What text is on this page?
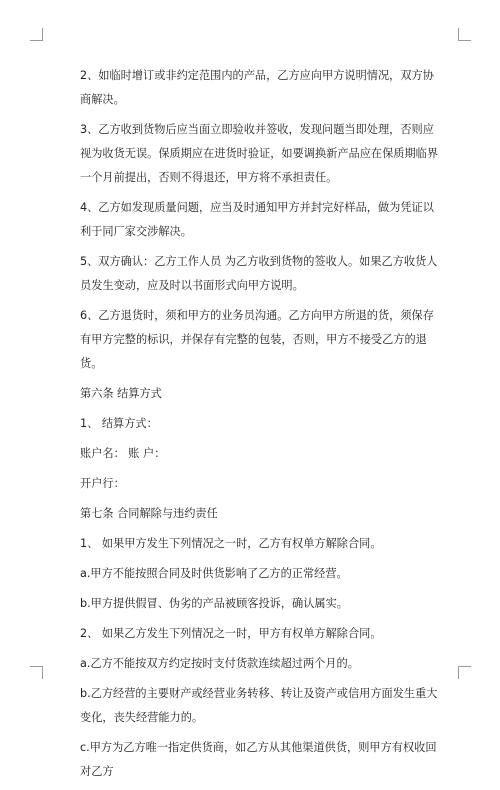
2、如临时增订或非约定范围内的产品，乙方应向甲方说明情况，双方协商解决。

3、乙方收到货物后应当面立即验收并签收，发现问题当即处理，否则应视为收货无误。保质期应在进货时验证，如要调换新产品应在保质期临界一个月前提出，否则不得退还，甲方将不承担责任。

4、乙方如发现质量问题，应当及时通知甲方并封完好样品，做为凭证以利于同厂家交涉解决。

5、双方确认：乙方工作人员 为乙方收到货物的签收人。如果乙方收货人员发生变动，应及时以书面形式向甲方说明。

6、乙方退货时，须和甲方的业务员沟通。乙方向甲方所退的货，须保存有甲方完整的标识，并保存有完整的包装，否则，甲方不接受乙方的退货。

第六条 结算方式

1、 结算方式：

账户名： 账 户：

开户行：

第七条 合同解除与违约责任

1、 如果甲方发生下列情况之一时，乙方有权单方解除合同。

a.甲方不能按照合同及时供货影响了乙方的正常经营。

b.甲方提供假冒、伪劣的产品被顾客投诉，确认属实。

2、 如果乙方发生下列情况之一时，甲方有权单方解除合同。

a.乙方不能按双方约定按时支付货款连续超过两个月的。

b.乙方经营的主要财产或经营业务转移、转让及资产或信用方面发生重大变化，丧失经营能力的。

c.甲方为乙方唯一指定供货商，如乙方从其他渠道供货，则甲方有权收回对乙方
